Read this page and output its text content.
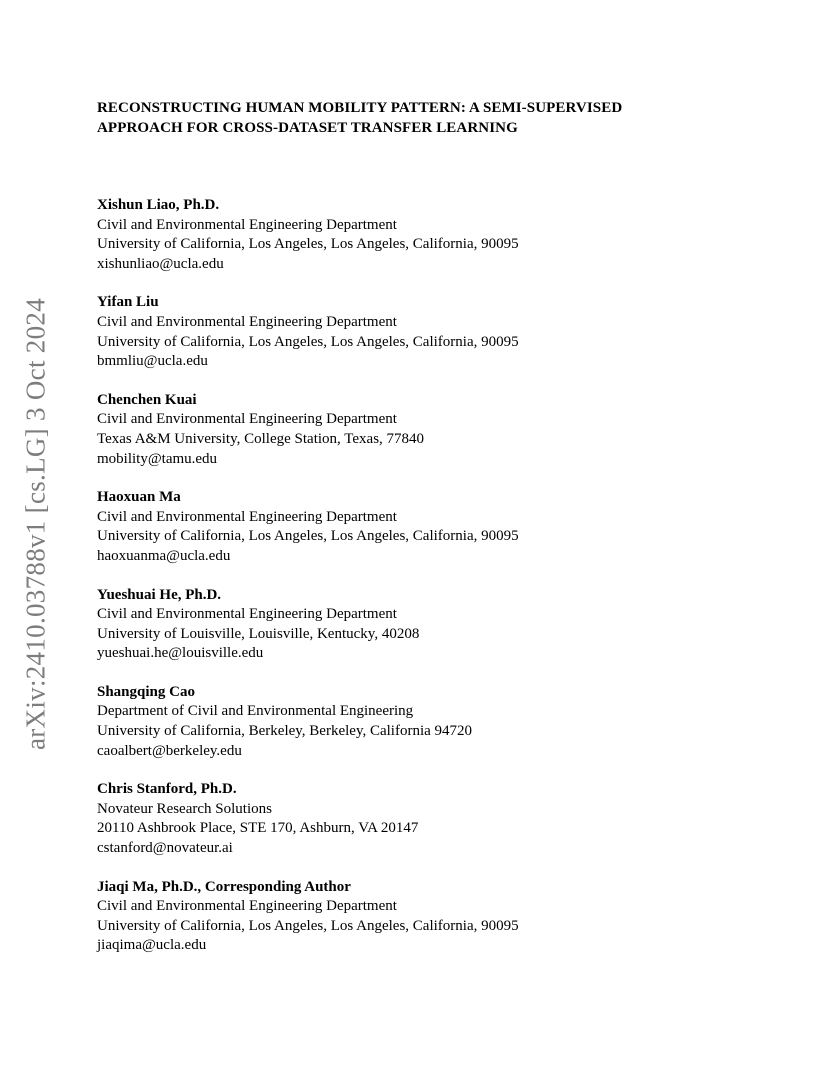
arXiv:2410.03788v1 [cs.LG] 3 Oct 2024
RECONSTRUCTING HUMAN MOBILITY PATTERN: A SEMI-SUPERVISED
APPROACH FOR CROSS-DATASET TRANSFER LEARNING
Xishun Liao, Ph.D.
Civil and Environmental Engineering Department
University of California, Los Angeles, Los Angeles, California, 90095
xishunliao@ucla.edu
Yifan Liu
Civil and Environmental Engineering Department
University of California, Los Angeles, Los Angeles, California, 90095
bmmliu@ucla.edu
Chenchen Kuai
Civil and Environmental Engineering Department
Texas A&M University, College Station, Texas, 77840
mobility@tamu.edu
Haoxuan Ma
Civil and Environmental Engineering Department
University of California, Los Angeles, Los Angeles, California, 90095
haoxuanma@ucla.edu
Yueshuai He, Ph.D.
Civil and Environmental Engineering Department
University of Louisville, Louisville, Kentucky, 40208
yueshuai.he@louisville.edu
Shangqing Cao
Department of Civil and Environmental Engineering
University of California, Berkeley, Berkeley, California 94720
caoalbert@berkeley.edu
Chris Stanford, Ph.D.
Novateur Research Solutions
20110 Ashbrook Place, STE 170, Ashburn, VA 20147
cstanford@novateur.ai
Jiaqi Ma, Ph.D., Corresponding Author
Civil and Environmental Engineering Department
University of California, Los Angeles, Los Angeles, California, 90095
jiaqima@ucla.edu
